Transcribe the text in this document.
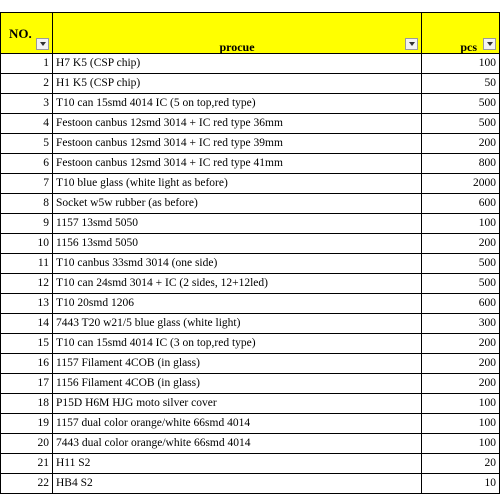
NO.	procue	pcs

1	H7 K5 (CSP chip)	100
2	H1 K5 (CSP chip)	50
3	T10 can 15smd 4014 IC (5 on top,red type)	500
4	Festoon canbus 12smd 3014 + IC red type 36mm	500
5	Festoon canbus 12smd 3014 + IC red type 39mm	200
6	Festoon canbus 12smd 3014 + IC red type 41mm	800
7	T10 blue glass (white light as before)	2000
8	Socket w5w rubber (as before)	600
9	1157 13smd 5050	100
10	1156 13smd 5050	200
11	T10 canbus 33smd 3014 (one side)	500
12	T10 can 24smd 3014 + IC (2 sides, 12+12led)	500
13	T10 20smd 1206	600
14	7443 T20 w21/5 blue glass (white light)	300
15	T10 can 15smd 4014 IC (3 on top,red type)	200
16	1157 Filament 4COB (in glass)	200
17	1156 Filament 4COB (in glass)	200
18	P15D H6M HJG moto silver cover	100
19	1157 dual color orange/white 66smd 4014	100
20	7443 dual color orange/white 66smd 4014	100
21	H11 S2	20
22	HB4 S2	10
